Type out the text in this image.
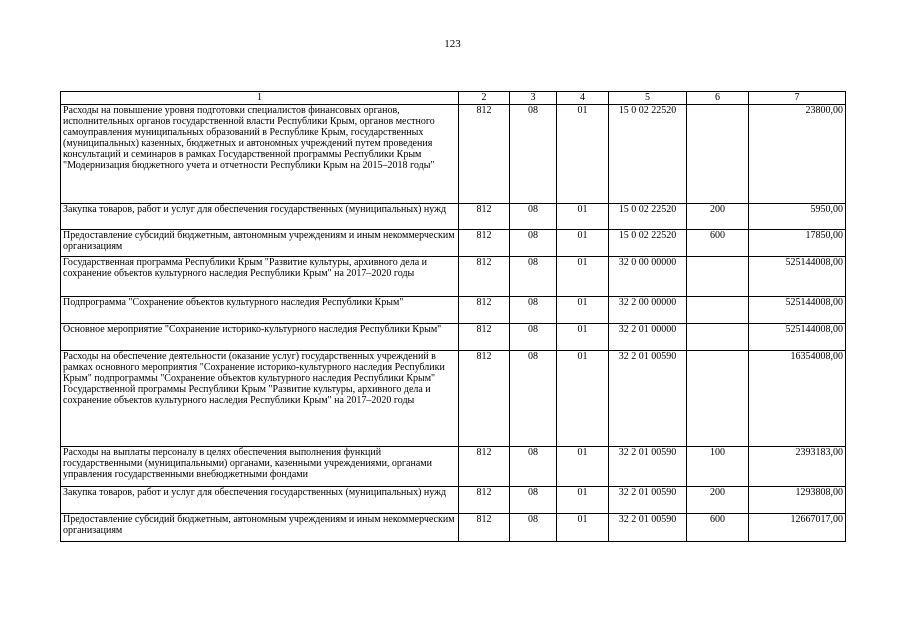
123
1	2	3	4	5	6	7
Расходы на повышение уровня подготовки специалистов финансовых органов, исполнительных органов государственной власти Республики Крым, органов местного самоуправления муниципальных образований в Республике Крым, государственных (муниципальных) казенных, бюджетных и автономных учреждений путем проведения консультаций и семинаров в рамках Государственной программы Республики Крым "Модернизация бюджетного учета и отчетности Республики Крым на 2015–2018 годы"	812	08	01	15 0 02 22520		23800,00
Закупка товаров, работ и услуг для обеспечения государственных (муниципальных) нужд	812	08	01	15 0 02 22520	200	5950,00
Предоставление субсидий бюджетным, автономным учреждениям и иным некоммерческим организациям	812	08	01	15 0 02 22520	600	17850,00
Государственная программа Республики Крым "Развитие культуры, архивного дела и сохранение объектов культурного наследия Республики Крым" на 2017–2020 годы	812	08	01	32 0 00 00000		525144008,00
Подпрограмма "Сохранение объектов культурного наследия Республики Крым"	812	08	01	32 2 00 00000		525144008,00
Основное мероприятие "Сохранение историко-культурного наследия Республики Крым"	812	08	01	32 2 01 00000		525144008,00
Расходы на обеспечение деятельности (оказание услуг) государственных учреждений в рамках основного мероприятия "Сохранение историко-культурного наследия Республики Крым" подпрограммы "Сохранение объектов культурного наследия Республики Крым" Государственной программы Республики Крым "Развитие культуры, архивного дела и сохранение объектов культурного наследия Республики Крым" на 2017–2020 годы	812	08	01	32 2 01 00590		16354008,00
Расходы на выплаты персоналу в целях обеспечения выполнения функций государственными (муниципальными) органами, казенными учреждениями, органами управления государственными внебюджетными фондами	812	08	01	32 2 01 00590	100	2393183,00
Закупка товаров, работ и услуг для обеспечения государственных (муниципальных) нужд	812	08	01	32 2 01 00590	200	1293808,00
Предоставление субсидий бюджетным, автономным учреждениям и иным некоммерческим организациям	812	08	01	32 2 01 00590	600	12667017,00
